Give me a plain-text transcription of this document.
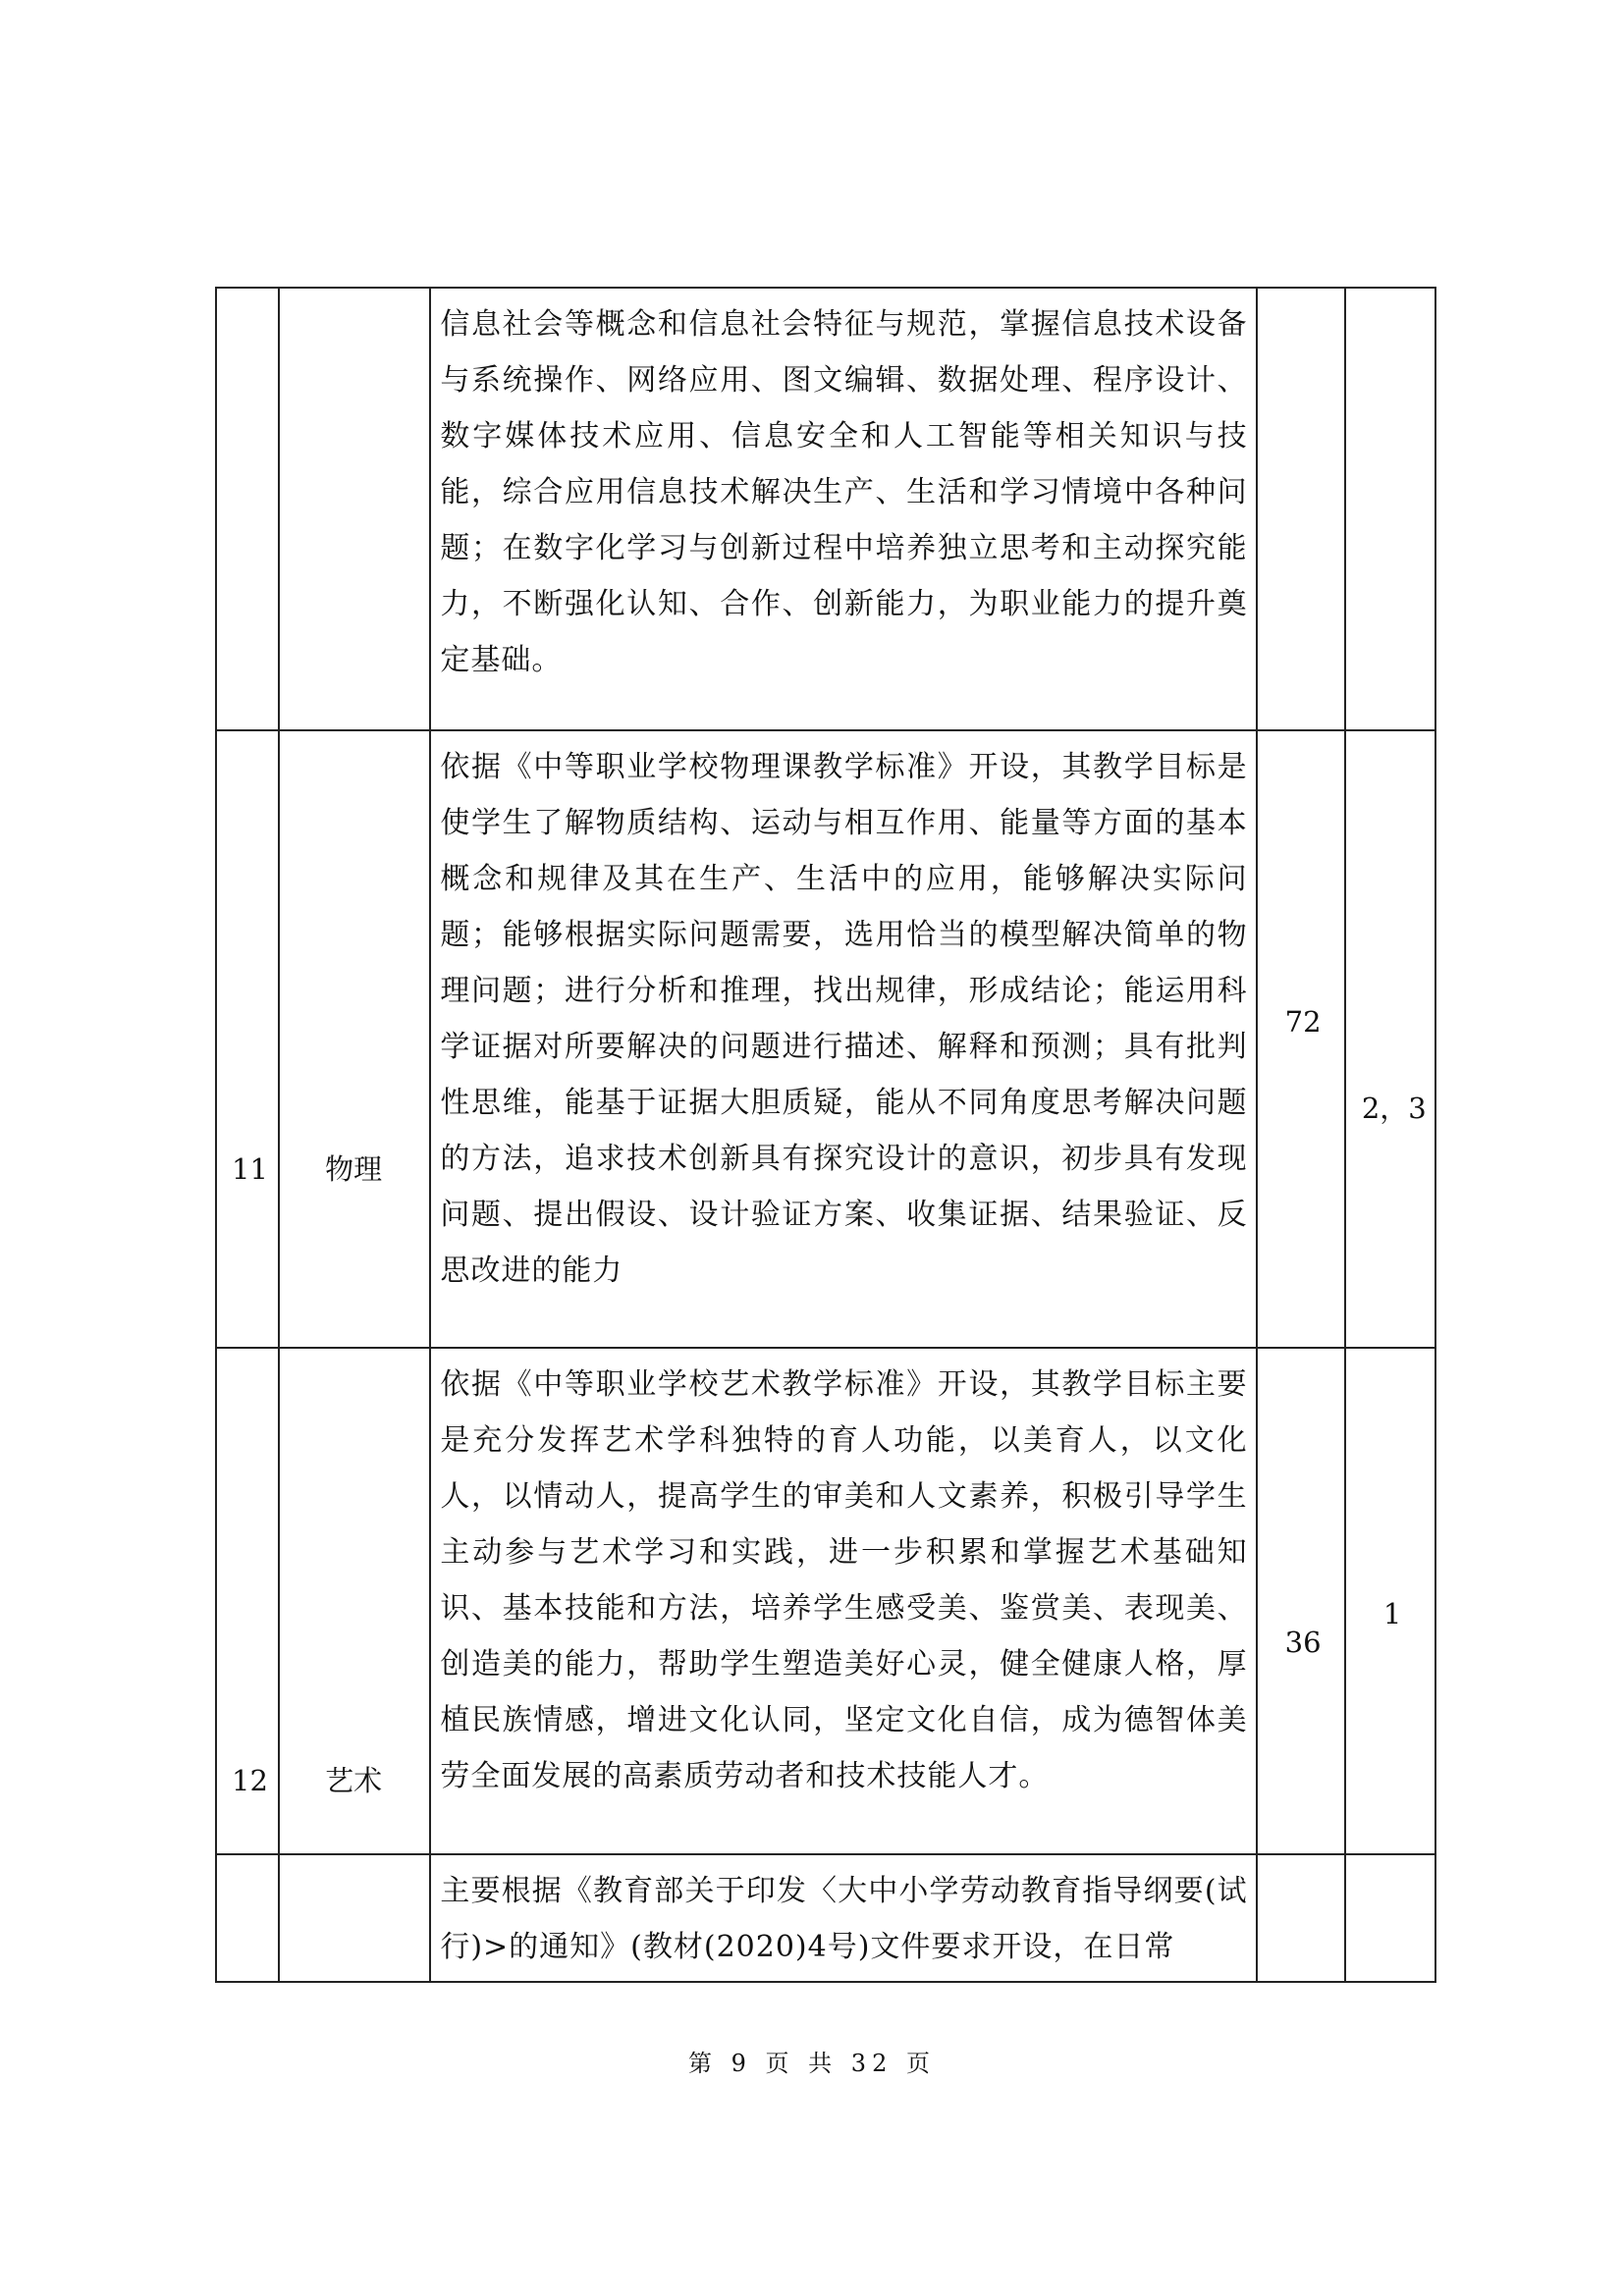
		信息社会等概念和信息社会特征与规范，掌握信息技术设备与系统操作、网络应用、图文编辑、数据处理、程序设计、数字媒体技术应用、信息安全和人工智能等相关知识与技能，综合应用信息技术解决生产、生活和学习情境中各种问题；在数字化学习与创新过程中培养独立思考和主动探究能力，不断强化认知、合作、创新能力，为职业能力的提升奠定基础。		

11	物理	依据《中等职业学校物理课教学标准》开设，其教学目标是使学生了解物质结构、运动与相互作用、能量等方面的基本概念和规律及其在生产、生活中的应用，能够解决实际问题；能够根据实际问题需要，选用恰当的模型解决简单的物理问题；进行分析和推理，找出规律，形成结论；能运用科学证据对所要解决的问题进行描述、解释和预测；具有批判性思维，能基于证据大胆质疑，能从不同角度思考解决问题的方法，追求技术创新具有探究设计的意识，初步具有发现问题、提出假设、设计验证方案、收集证据、结果验证、反思改进的能力	72	2，3

12	艺术	依据《中等职业学校艺术教学标准》开设，其教学目标主要是充分发挥艺术学科独特的育人功能，以美育人，以文化人，以情动人，提高学生的审美和人文素养，积极引导学生主动参与艺术学习和实践，进一步积累和掌握艺术基础知识、基本技能和方法，培养学生感受美、鉴赏美、表现美、创造美的能力，帮助学生塑造美好心灵，健全健康人格，厚植民族情感，增进文化认同，坚定文化自信，成为德智体美劳全面发展的高素质劳动者和技术技能人才。	36	1

		主要根据《教育部关于印发〈大中小学劳动教育指导纲要(试行)>的通知》(教材(2020)4号)文件要求开设，在日常		
第 9 页 共 32 页
